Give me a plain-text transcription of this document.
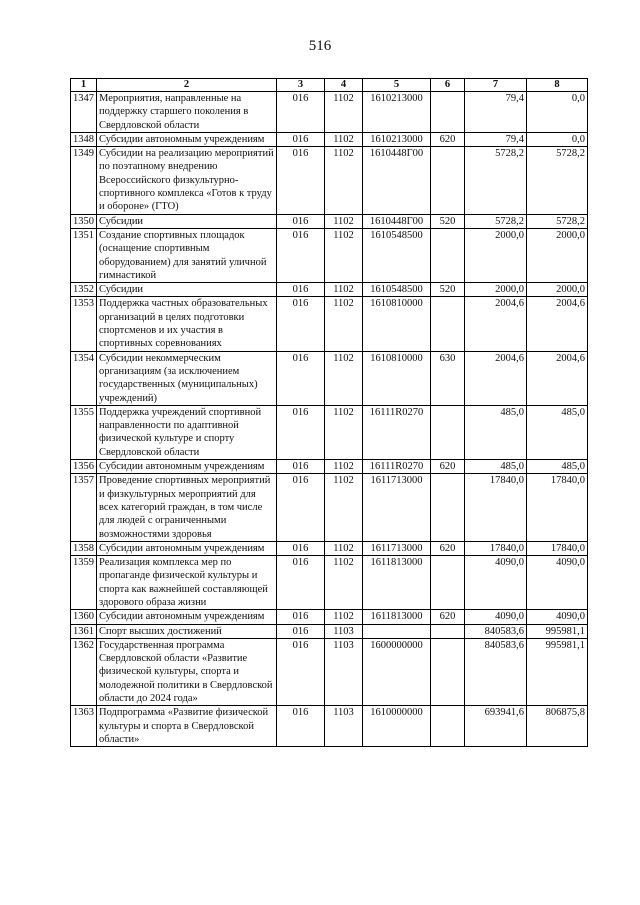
516
1	2	3	4	5	6	7	8
1347	Мероприятия, направленные на поддержку старшего поколения в Свердловской области	016	1102	1610213000		79,4	0,0
1348	Субсидии автономным учреждениям	016	1102	1610213000	620	79,4	0,0
1349	Субсидии на реализацию мероприятий по поэтапному внедрению Всероссийского физкультурно-спортивного комплекса «Готов к труду и обороне» (ГТО)	016	1102	1610448Г00		5728,2	5728,2
1350	Субсидии	016	1102	1610448Г00	520	5728,2	5728,2
1351	Создание спортивных площадок (оснащение спортивным оборудованием) для занятий уличной гимнастикой	016	1102	1610548500		2000,0	2000,0
1352	Субсидии	016	1102	1610548500	520	2000,0	2000,0
1353	Поддержка частных образовательных организаций в целях подготовки спортсменов и их участия в спортивных соревнованиях	016	1102	1610810000		2004,6	2004,6
1354	Субсидии некоммерческим организациям (за исключением государственных (муниципальных) учреждений)	016	1102	1610810000	630	2004,6	2004,6
1355	Поддержка учреждений спортивной направленности по адаптивной физической культуре и спорту Свердловской области	016	1102	16111R0270		485,0	485,0
1356	Субсидии автономным учреждениям	016	1102	16111R0270	620	485,0	485,0
1357	Проведение спортивных мероприятий и физкультурных мероприятий для всех категорий граждан, в том числе для людей с ограниченными возможностями здоровья	016	1102	1611713000		17840,0	17840,0
1358	Субсидии автономным учреждениям	016	1102	1611713000	620	17840,0	17840,0
1359	Реализация комплекса мер по пропаганде физической культуры и спорта как важнейшей составляющей здорового образа жизни	016	1102	1611813000		4090,0	4090,0
1360	Субсидии автономным учреждениям	016	1102	1611813000	620	4090,0	4090,0
1361	Спорт высших достижений	016	1103			840583,6	995981,1
1362	Государственная программа Свердловской области «Развитие физической культуры, спорта и молодежной политики в Свердловской области до 2024 года»	016	1103	1600000000		840583,6	995981,1
1363	Подпрограмма «Развитие физической культуры и спорта в Свердловской области»	016	1103	1610000000		693941,6	806875,8
